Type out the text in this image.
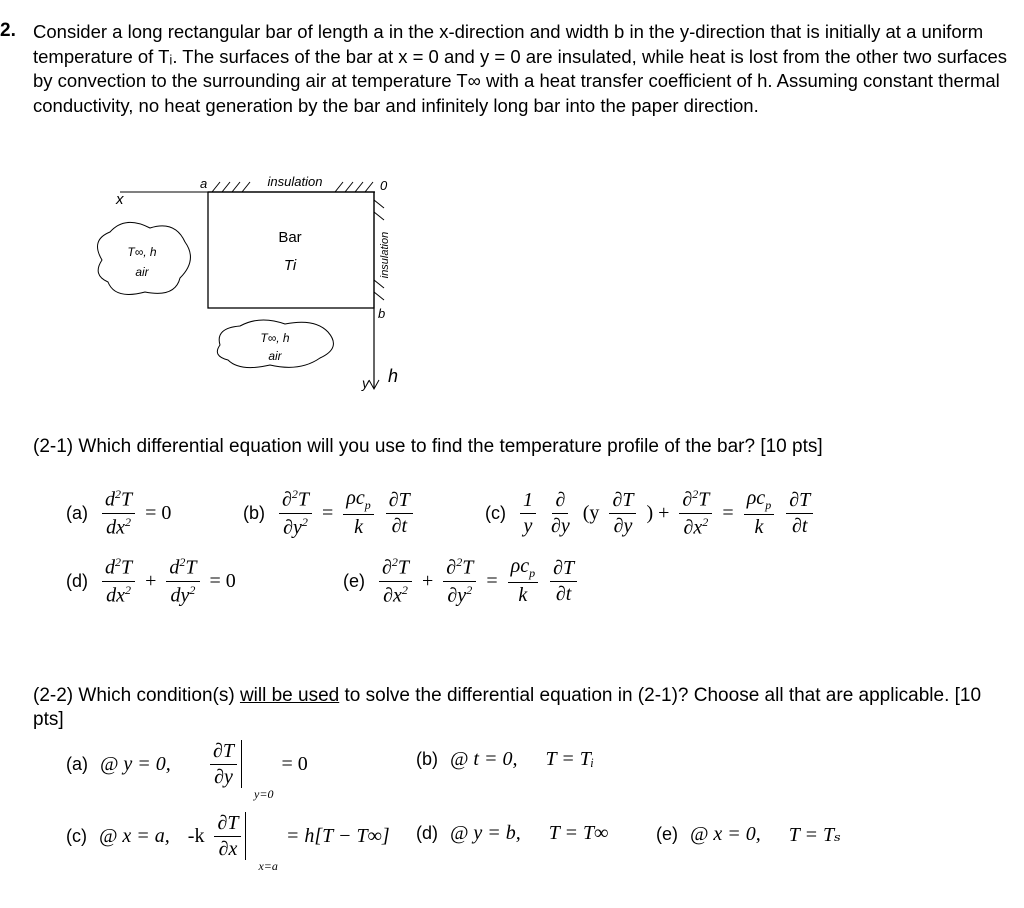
2. Consider a long rectangular bar of length a in the x-direction and width b in the y-direction that is initially at a uniform temperature of Tᵢ. The surfaces of the bar at x = 0 and y = 0 are insulated, while heat is lost from the other two surfaces by convection to the surrounding air at temperature T∞ with a heat transfer coefficient of h. Assuming constant thermal conductivity, no heat generation by the bar and infinitely long bar into the paper direction.

insulation
x
a	0
Bar
Ti	insulation
b
y h
T∞, h
air
T∞, h
air
(2-1) Which differential equation will you use to find the temperature profile of the bar? [10 pts]
$(a) \frac{d^2T}{dx^2} = 0$	$(b) \frac{\partial^2T}{\partial y^2} = \frac{\rho c_p}{k} \frac{\partial T}{\partial t}$	$(c) \frac{1}{y} \frac{\partial}{\partial y} (y \frac{\partial T}{\partial y}$ ) + $\frac{\partial^2T}{\partial x^2} = \frac{\rho c_p}{k} \frac{\partial T}{\partial t}$
$(d) \frac{d^2T}{dx^2} + \frac{d^2T}{dy^2} = 0$	$(e) \frac{\partial^2T}{\partial x^2} + \frac{\partial^2T}{\partial y^2} = \frac{\rho c_p}{k} \frac{\partial T}{\partial t}$
(2-2) Which condition(s) will be used to solve the differential equation in (2-1)? Choose all that are applicable. [10 pts]
(a) @ y = 0,	$\frac{\partial T}{\partial y}$
y=0
= 0	(b) @ t = 0, T = Tᵢ
(c) @ x = a, $-k \frac{\partial T}{\partial x}$
x=a
= h[T − T∞] (d) @ y = b, T = T∞	(e) @ x = 0, T = Tₛ
